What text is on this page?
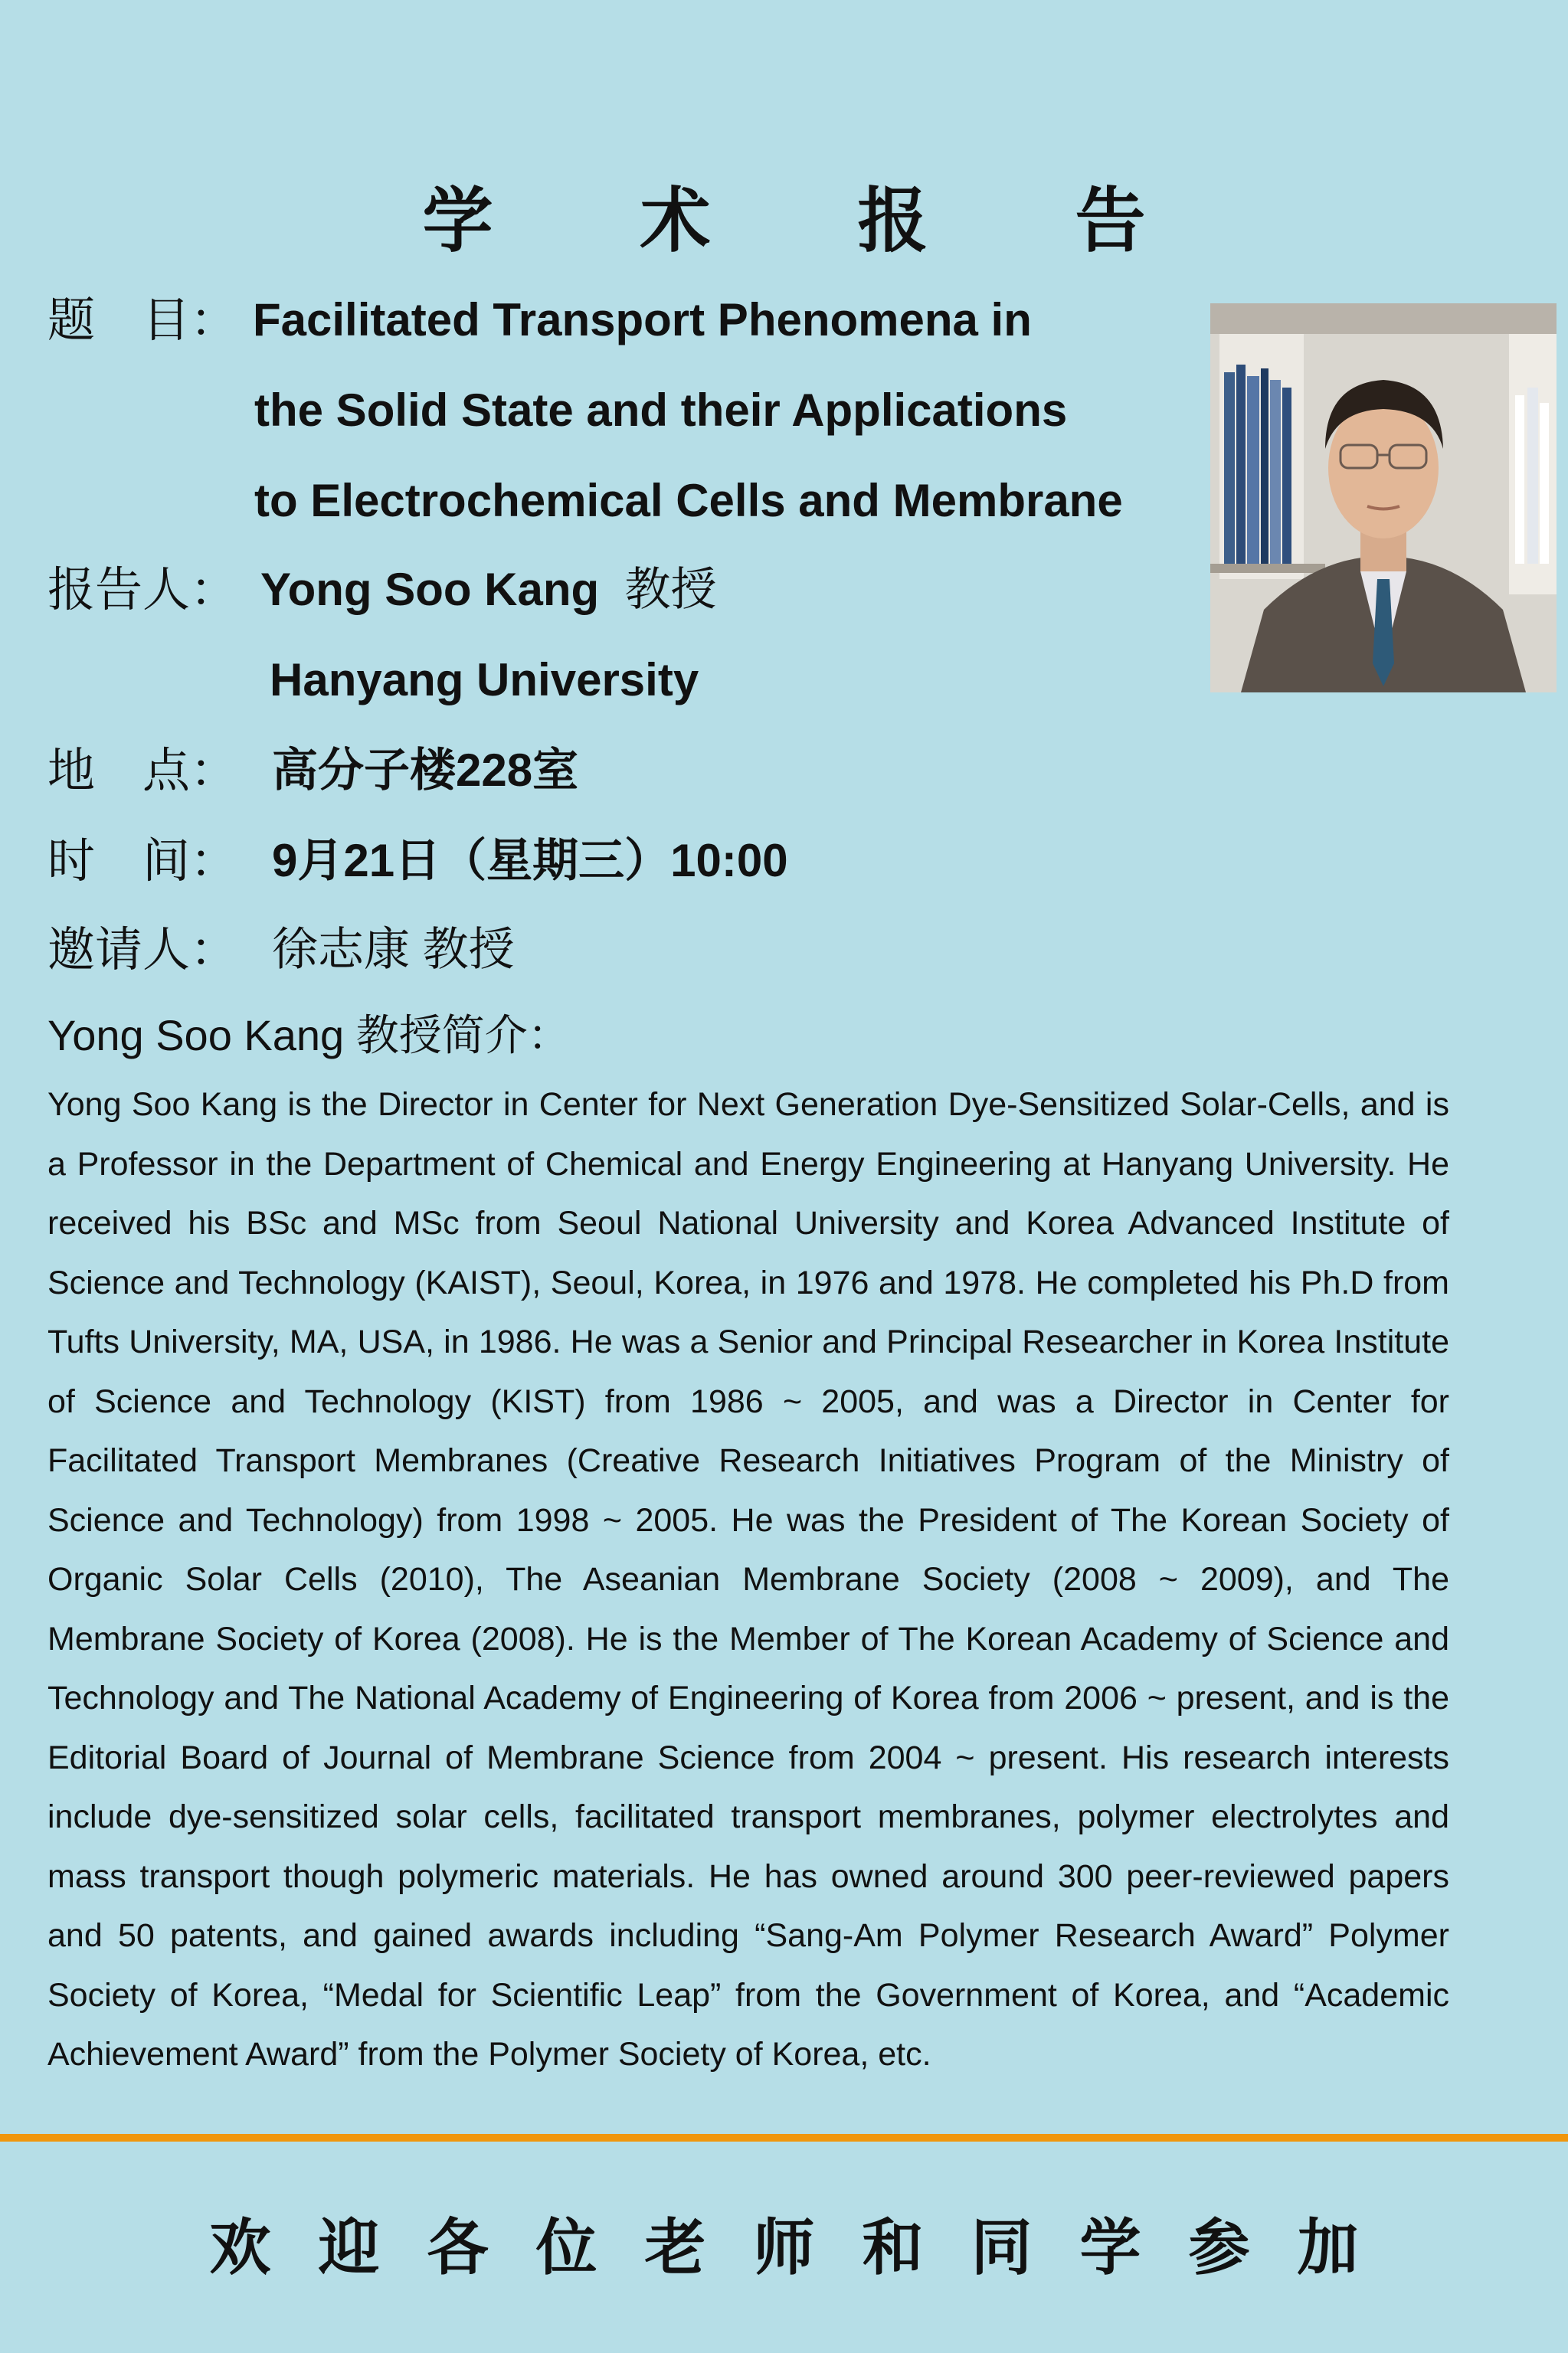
学 术 报 告
题　目： Facilitated Transport Phenomena in
the Solid State and their Applications
to Electrochemical Cells and Membrane
报告人： Yong Soo Kang 教授
Hanyang University
地　点： 高分子楼228室
时　间： 9月21日（星期三）10:00
邀请人： 徐志康 教授
Yong Soo Kang 教授简介：
Yong Soo Kang is the Director in Center for Next Generation Dye-Sensitized Solar-Cells, and is a Professor in the Department of Chemical and Energy Engineering at Hanyang University. He received his BSc and MSc from Seoul National University and Korea Advanced Institute of Science and Technology (KAIST), Seoul, Korea, in 1976 and 1978. He completed his Ph.D from Tufts University, MA, USA, in 1986. He was a Senior and Principal Researcher in Korea Institute of Science and Technology (KIST) from 1986 ~ 2005, and was a Director in Center for Facilitated Transport Membranes (Creative Research Initiatives Program of the Ministry of Science and Technology) from 1998 ~ 2005. He was the President of The Korean Society of Organic Solar Cells (2010), The Aseanian Membrane Society (2008 ~ 2009), and The Membrane Society of Korea (2008). He is the Member of The Korean Academy of Science and Technology and The National Academy of Engineering of Korea from 2006 ~ present, and is the Editorial Board of Journal of Membrane Science from 2004 ~ present. His research interests include dye-sensitized solar cells, facilitated transport membranes, polymer electrolytes and mass transport though polymeric materials. He has owned around 300 peer-reviewed papers and 50 patents, and gained awards including “Sang-Am Polymer Research Award” Polymer Society of Korea, “Medal for Scientific Leap” from the Government of Korea, and “Academic Achievement Award” from the Polymer Society of Korea, etc.
欢迎各位老师和同学参加
